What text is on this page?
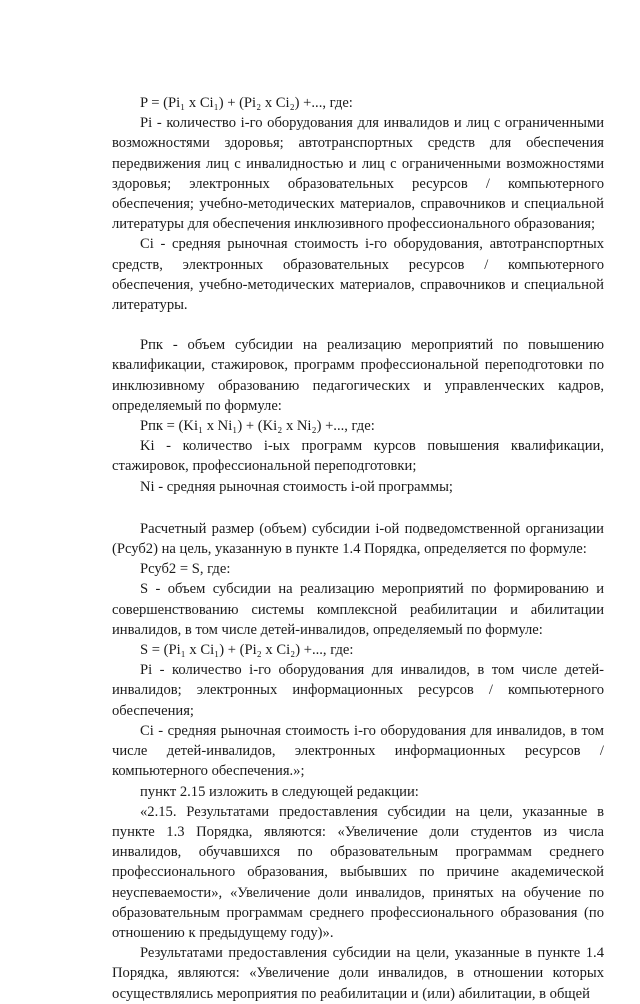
P = (Pi₁ x Ci₁) + (Pi₂ x Ci₂) +..., где:

Pi - количество i-го оборудования для инвалидов и лиц с ограниченными возможностями здоровья; автотранспортных средств для обеспечения передвижения лиц с инвалидностью и лиц с ограниченными возможностями здоровья; электронных образовательных ресурсов / компьютерного обеспечения; учебно-методических материалов, справочников и специальной литературы для обеспечения инклюзивного профессионального образования;

Ci - средняя рыночная стоимость i-го оборудования, автотранспортных средств, электронных образовательных ресурсов / компьютерного обеспечения, учебно-методических материалов, справочников и специальной литературы.

Рпк - объем субсидии на реализацию мероприятий по повышению квалификации, стажировок, программ профессиональной переподготовки по инклюзивному образованию педагогических и управленческих кадров, определяемый по формуле:

Рпк = (Ki₁ x Ni₁) + (Ki₂ x Ni₂) +..., где:

Ki - количество i-ых программ курсов повышения квалификации, стажировок, профессиональной переподготовки;

Ni - средняя рыночная стоимость i-ой программы;

Расчетный размер (объем) субсидии i-ой подведомственной организации (Рсуб2) на цель, указанную в пункте 1.4 Порядка, определяется по формуле:

Рсуб2 = S, где:

S - объем субсидии на реализацию мероприятий по формированию и совершенствованию системы комплексной реабилитации и абилитации инвалидов, в том числе детей-инвалидов, определяемый по формуле:

S = (Pi₁ x Ci₁) + (Pi₂ x Ci₂) +..., где:

Pi - количество i-го оборудования для инвалидов, в том числе детей-инвалидов; электронных информационных ресурсов / компьютерного обеспечения;

Ci - средняя рыночная стоимость i-го оборудования для инвалидов, в том числе детей-инвалидов, электронных информационных ресурсов / компьютерного обеспечения.»;

пункт 2.15 изложить в следующей редакции:

«2.15. Результатами предоставления субсидии на цели, указанные в пункте 1.3 Порядка, являются: «Увеличение доли студентов из числа инвалидов, обучавшихся по образовательным программам среднего профессионального образования, выбывших по причине академической неуспеваемости», «Увеличение доли инвалидов, принятых на обучение по образовательным программам среднего профессионального образования (по отношению к предыдущему году)».

Результатами предоставления субсидии на цели, указанные в пункте 1.4 Порядка, являются: «Увеличение доли инвалидов, в отношении которых осуществлялись мероприятия по реабилитации и (или) абилитации, в общей
